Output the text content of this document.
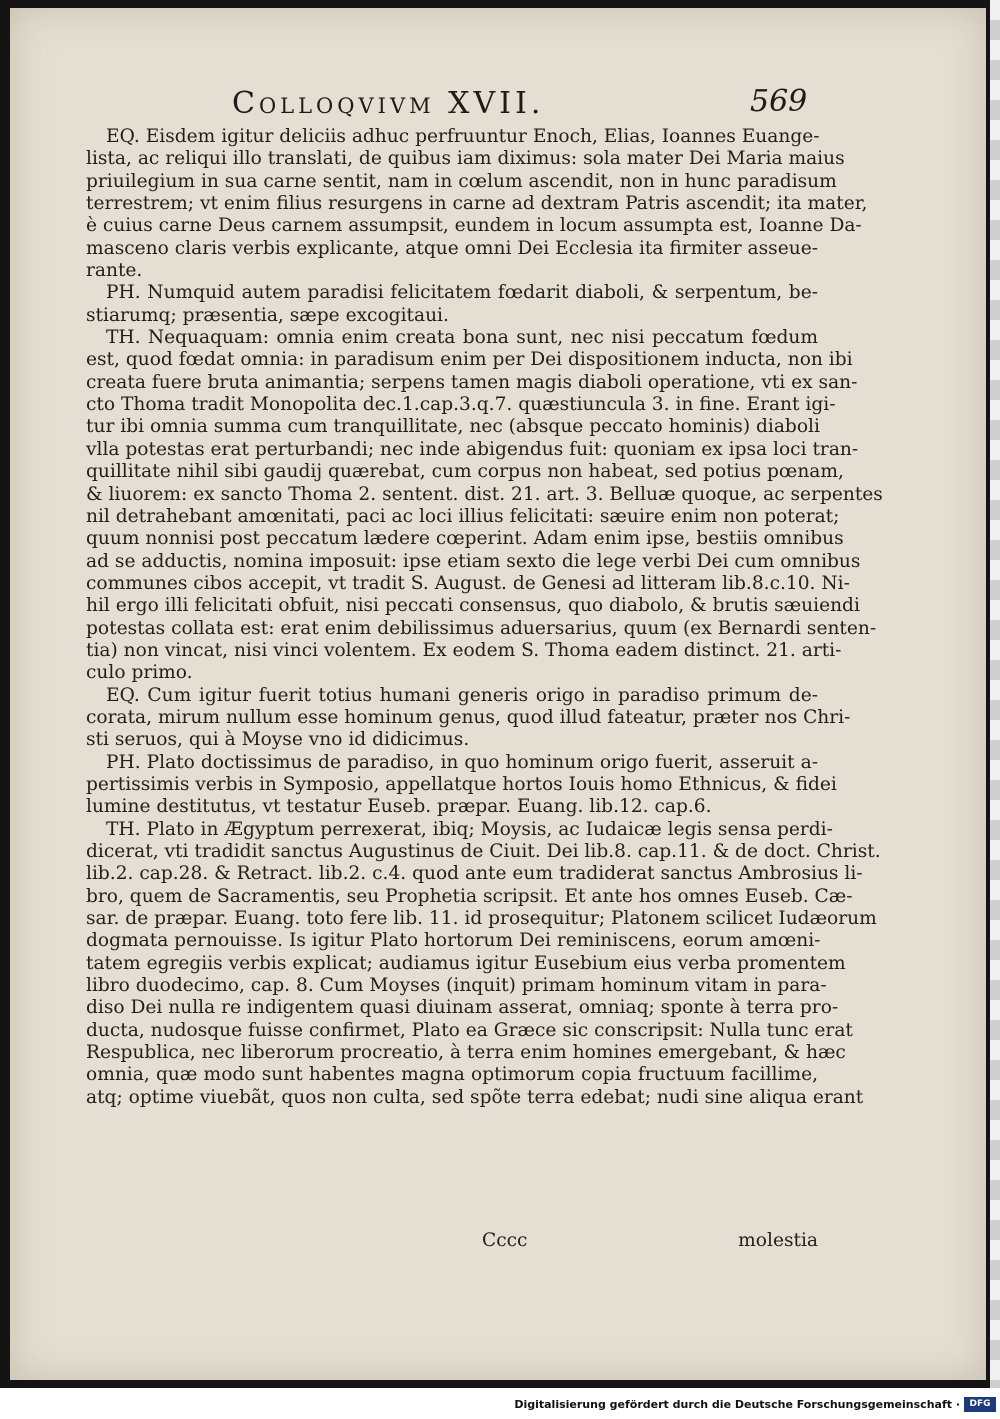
Colloqvivm XVII.	569
EQ. Eisdem igitur deliciis adhuc perfruuntur Enoch, Elias, Ioannes Euange-
lista, ac reliqui illo translati, de quibus iam diximus: sola mater Dei Maria maius
priuilegium in sua carne sentit, nam in cœlum ascendit, non in hunc paradisum
terrestrem; vt enim filius resurgens in carne ad dextram Patris ascendit; ita mater,
è cuius carne Deus carnem assumpsit, eundem in locum assumpta est, Ioanne Da-
masceno claris verbis explicante, atque omni Dei Ecclesia ita firmiter asseue-
rante.
PH. Numquid autem paradisi felicitatem fœdarit diaboli, & serpentum, be-
stiarumq; præsentia, sæpe excogitaui.
TH. Nequaquam: omnia enim creata bona sunt, nec nisi peccatum fœdum
est, quod fœdat omnia: in paradisum enim per Dei dispositionem inducta, non ibi
creata fuere bruta animantia; serpens tamen magis diaboli operatione, vti ex san-
cto Thoma tradit Monopolita dec.1.cap.3.q.7. quæstiuncula 3. in fine. Erant igi-
tur ibi omnia summa cum tranquillitate, nec (absque peccato hominis) diaboli
vlla potestas erat perturbandi; nec inde abigendus fuit: quoniam ex ipsa loci tran-
quillitate nihil sibi gaudij quærebat, cum corpus non habeat, sed potius pœnam,
& liuorem: ex sancto Thoma 2. sentent. dist. 21. art. 3. Belluæ quoque, ac serpentes
nil detrahebant amœnitati, paci ac loci illius felicitati: sæuire enim non poterat;
quum nonnisi post peccatum lædere cœperint. Adam enim ipse, bestiis omnibus
ad se adductis, nomina imposuit: ipse etiam sexto die lege verbi Dei cum omnibus
communes cibos accepit, vt tradit S. August. de Genesi ad litteram lib.8.c.10. Ni-
hil ergo illi felicitati obfuit, nisi peccati consensus, quo diabolo, & brutis sæuiendi
potestas collata est: erat enim debilissimus aduersarius, quum (ex Bernardi senten-
tia) non vincat, nisi vinci volentem. Ex eodem S. Thoma eadem distinct. 21. arti-
culo primo.
EQ. Cum igitur fuerit totius humani generis origo in paradiso primum de-
corata, mirum nullum esse hominum genus, quod illud fateatur, præter nos Chri-
sti seruos, qui à Moyse vno id didicimus.
PH. Plato doctissimus de paradiso, in quo hominum origo fuerit, asseruit a-
pertissimis verbis in Symposio, appellatque hortos Iouis homo Ethnicus, & fidei
lumine destitutus, vt testatur Euseb. præpar. Euang. lib.12. cap.6.
TH. Plato in Ægyptum perrexerat, ibiq; Moysis, ac Iudaicæ legis sensa perdi-
dicerat, vti tradidit sanctus Augustinus de Ciuit. Dei lib.8. cap.11. & de doct. Christ.
lib.2. cap.28. & Retract. lib.2. c.4. quod ante eum tradiderat sanctus Ambrosius li-
bro, quem de Sacramentis, seu Prophetia scripsit. Et ante hos omnes Euseb. Cæ-
sar. de præpar. Euang. toto fere lib. 11. id prosequitur; Platonem scilicet Iudæorum
dogmata pernouisse. Is igitur Plato hortorum Dei reminiscens, eorum amœni-
tatem egregiis verbis explicat; audiamus igitur Eusebium eius verba promentem
libro duodecimo, cap. 8. Cum Moyses (inquit) primam hominum vitam in para-
diso Dei nulla re indigentem quasi diuinam asserat, omniaq; sponte à terra pro-
ducta, nudosque fuisse confirmet, Plato ea Græce sic conscripsit: Nulla tunc erat
Respublica, nec liberorum procreatio, à terra enim homines emergebant, & hæc
omnia, quæ modo sunt habentes magna optimorum copia fructuum facillime,
atq; optime viuebãt, quos non culta, sed spõte terra edebat; nudi sine aliqua erant
Cccc	molestia
Digitalisierung gefördert durch die Deutsche Forschungsgemeinschaft ·	DFG
